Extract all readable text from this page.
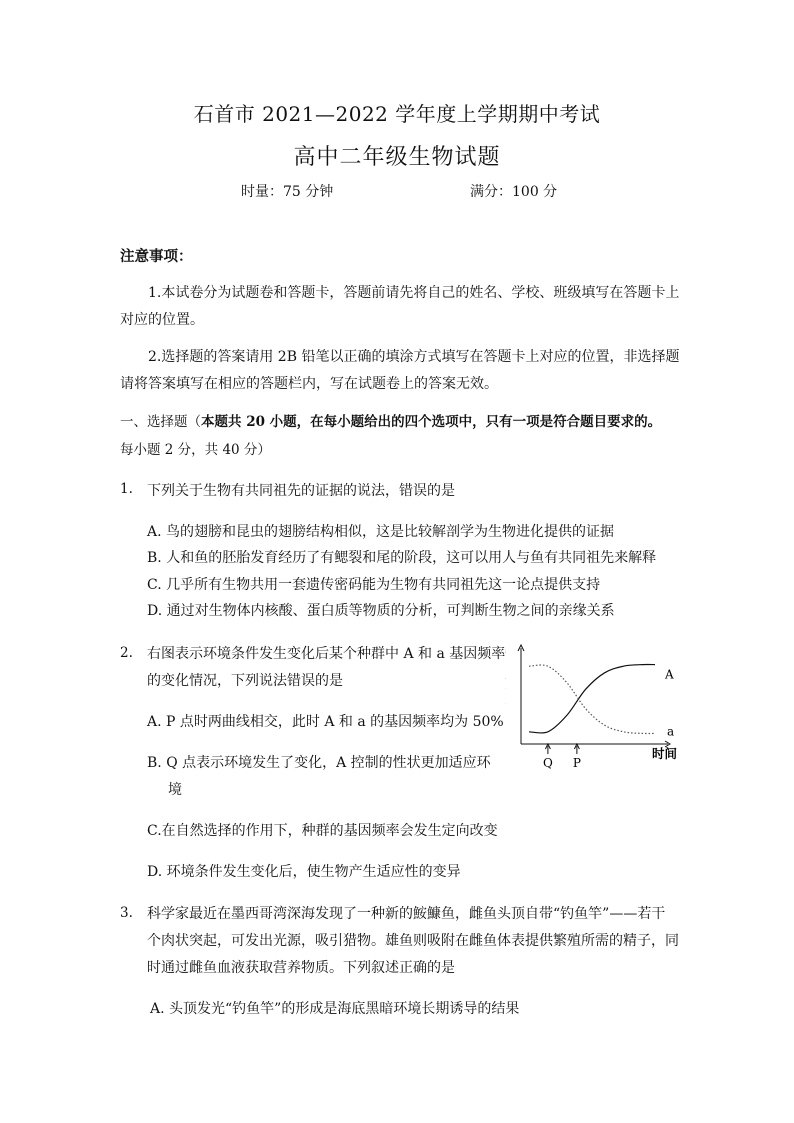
石首市 2021—2022 学年度上学期期中考试
高中二年级生物试题
时量：75 分钟	满分：100 分
注意事项：
1.本试卷分为试题卷和答题卡，答题前请先将自己的姓名、学校、班级填写在答题卡上对应的位置。
2.选择题的答案请用 2B 铅笔以正确的填涂方式填写在答题卡上对应的位置，非选择题请将答案填写在相应的答题栏内，写在试题卷上的答案无效。
一、选择题（本题共 20 小题，在每小题给出的四个选项中，只有一项是符合题目要求的。
每小题 2 分，共 40 分）
1. 下列关于生物有共同祖先的证据的说法，错误的是
A. 鸟的翅膀和昆虫的翅膀结构相似，这是比较解剖学为生物进化提供的证据
B. 人和鱼的胚胎发育经历了有鳃裂和尾的阶段，这可以用人与鱼有共同祖先来解释
C. 几乎所有生物共用一套遗传密码能为生物有共同祖先这一论点提供支持
D. 通过对生物体内核酸、蛋白质等物质的分析，可判断生物之间的亲缘关系
2. 右图表示环境条件发生变化后某个种群中 A 和 a 基因频率
的变化情况，下列说法错误的是
A. P 点时两曲线相交，此时 A 和 a 的基因频率均为 50%
B. Q 点表示环境发生了变化，A 控制的性状更加适应环
境
C.在自然选择的作用下，种群的基因频率会发生定向改变
D. 环境条件发生变化后，使生物产生适应性的变异
时间
A
a
Q P
3. 科学家最近在墨西哥湾深海发现了一种新的鮟鱇鱼，雌鱼头顶自带“钓鱼竿”——若干
个肉状突起，可发出光源，吸引猎物。雄鱼则吸附在雌鱼体表提供繁殖所需的精子，同
时通过雌鱼血液获取营养物质。下列叙述正确的是
A. 头顶发光“钓鱼竿”的形成是海底黑暗环境长期诱导的结果
